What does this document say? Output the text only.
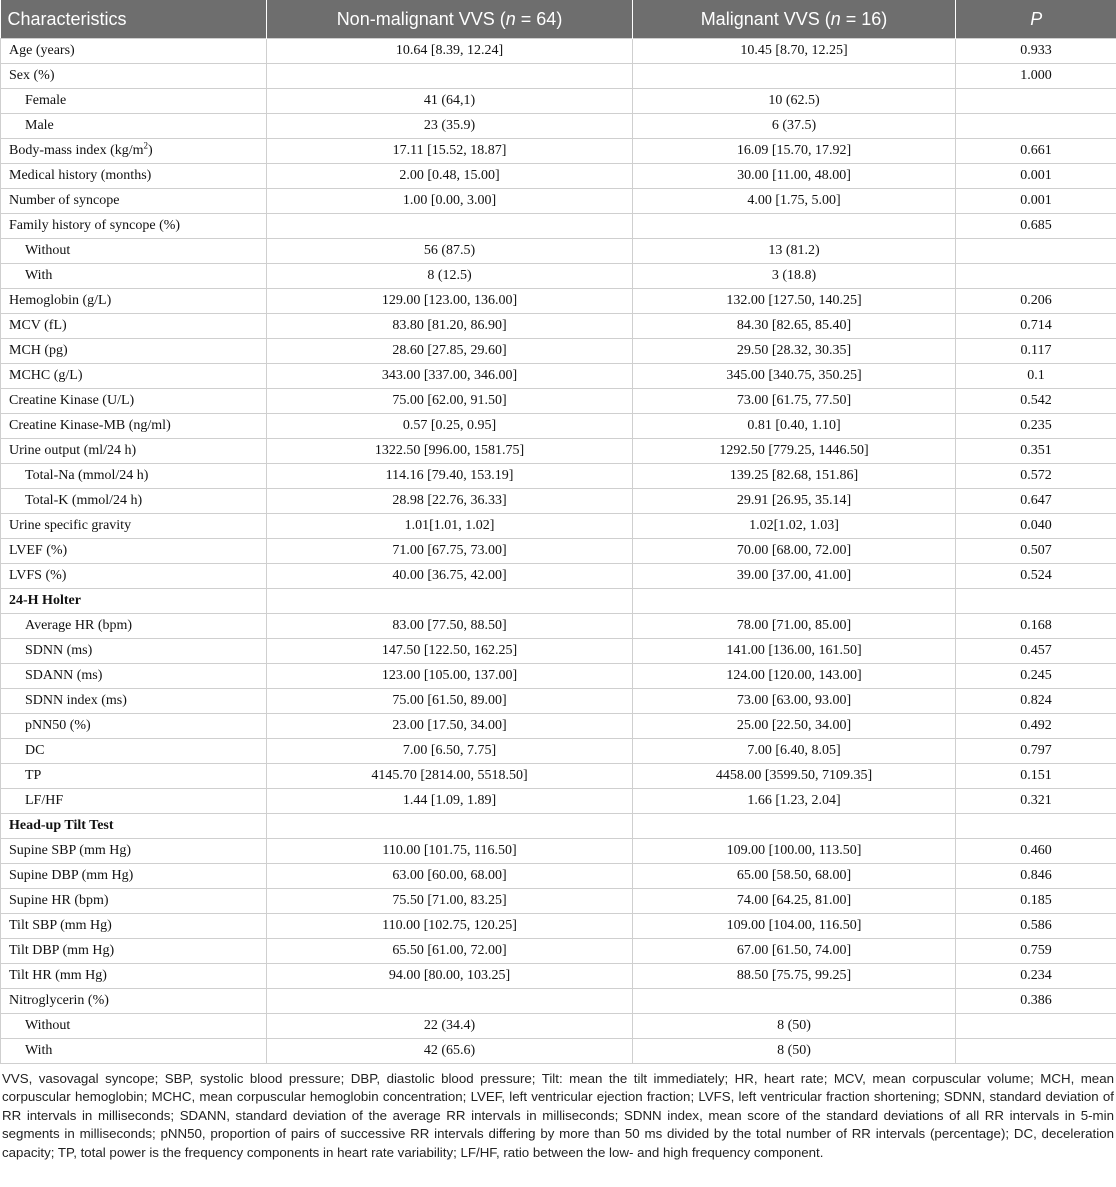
Characteristics	Non-malignant VVS (n = 64)	Malignant VVS (n = 16)	P
Age (years)	10.64 [8.39, 12.24]	10.45 [8.70, 12.25]	0.933
Sex (%)			1.000
Female	41 (64,1)	10 (62.5)	
Male	23 (35.9)	6 (37.5)	
Body-mass index $(kg/m^2)$	17.11 [15.52, 18.87]	16.09 [15.70, 17.92]	0.661
Medical history (months)	2.00 [0.48, 15.00]	30.00 [11.00, 48.00]	0.001
Number of syncope	1.00 [0.00, 3.00]	4.00 [1.75, 5.00]	0.001
Family history of syncope (%)			0.685
Without	56 (87.5)	13 (81.2)	
With	8 (12.5)	3 (18.8)	
Hemoglobin (g/L)	129.00 [123.00, 136.00]	132.00 [127.50, 140.25]	0.206
MCV (fL)	83.80 [81.20, 86.90]	84.30 [82.65, 85.40]	0.714
MCH (pg)	28.60 [27.85, 29.60]	29.50 [28.32, 30.35]	0.117
MCHC (g/L)	343.00 [337.00, 346.00]	345.00 [340.75, 350.25]	0.1
Creatine Kinase (U/L)	75.00 [62.00, 91.50]	73.00 [61.75, 77.50]	0.542
Creatine Kinase-MB (ng/ml)	0.57 [0.25, 0.95]	0.81 [0.40, 1.10]	0.235
Urine output (ml/24 h)	1322.50 [996.00, 1581.75]	1292.50 [779.25, 1446.50]	0.351
Total-Na (mmol/24 h)	114.16 [79.40, 153.19]	139.25 [82.68, 151.86]	0.572
Total-K (mmol/24 h)	28.98 [22.76, 36.33]	29.91 [26.95, 35.14]	0.647
Urine specific gravity	1.01[1.01, 1.02]	1.02[1.02, 1.03]	0.040
LVEF (%)	71.00 [67.75, 73.00]	70.00 [68.00, 72.00]	0.507
LVFS (%)	40.00 [36.75, 42.00]	39.00 [37.00, 41.00]	0.524
24-H Holter			
Average HR (bpm)	83.00 [77.50, 88.50]	78.00 [71.00, 85.00]	0.168
SDNN (ms)	147.50 [122.50, 162.25]	141.00 [136.00, 161.50]	0.457
SDANN (ms)	123.00 [105.00, 137.00]	124.00 [120.00, 143.00]	0.245
SDNN index (ms)	75.00 [61.50, 89.00]	73.00 [63.00, 93.00]	0.824
pNN50 (%)	23.00 [17.50, 34.00]	25.00 [22.50, 34.00]	0.492
DC	7.00 [6.50, 7.75]	7.00 [6.40, 8.05]	0.797
TP	4145.70 [2814.00, 5518.50]	4458.00 [3599.50, 7109.35]	0.151
LF/HF	1.44 [1.09, 1.89]	1.66 [1.23, 2.04]	0.321
Head-up Tilt Test			
Supine SBP (mm Hg)	110.00 [101.75, 116.50]	109.00 [100.00, 113.50]	0.460
Supine DBP (mm Hg)	63.00 [60.00, 68.00]	65.00 [58.50, 68.00]	0.846
Supine HR (bpm)	75.50 [71.00, 83.25]	74.00 [64.25, 81.00]	0.185
Tilt SBP (mm Hg)	110.00 [102.75, 120.25]	109.00 [104.00, 116.50]	0.586
Tilt DBP (mm Hg)	65.50 [61.00, 72.00]	67.00 [61.50, 74.00]	0.759
Tilt HR (mm Hg)	94.00 [80.00, 103.25]	88.50 [75.75, 99.25]	0.234
Nitroglycerin (%)			0.386
Without	22 (34.4)	8 (50)	
With	42 (65.6)	8 (50)	
VVS, vasovagal syncope; SBP, systolic blood pressure; DBP, diastolic blood pressure; Tilt: mean the tilt immediately; HR, heart rate; MCV, mean corpuscular volume; MCH, mean corpuscular hemoglobin; MCHC, mean corpuscular hemoglobin concentration; LVEF, left ventricular ejection fraction; LVFS, left ventricular fraction shortening; SDNN, standard deviation of RR intervals in milliseconds; SDANN, standard deviation of the average RR intervals in milliseconds; SDNN index, mean score of the standard deviations of all RR intervals in 5-min segments in milliseconds; pNN50, proportion of pairs of successive RR intervals differing by more than 50 ms divided by the total number of RR intervals (percentage); DC, deceleration capacity; TP, total power is the frequency components in heart rate variability; LF/HF, ratio between the low- and high frequency component.
